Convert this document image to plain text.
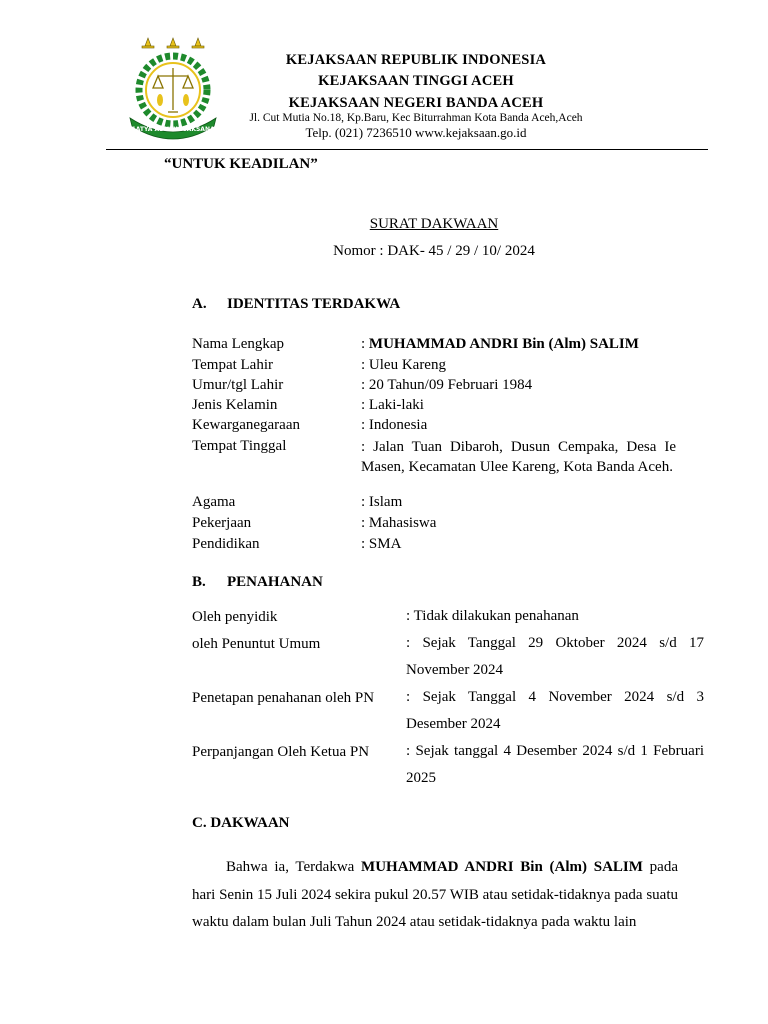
SATYA ADHI WICAKSANA
KEJAKSAAN REPUBLIK INDONESIA
KEJAKSAAN TINGGI ACEH
KEJAKSAAN NEGERI BANDA ACEH
Jl. Cut Mutia No.18, Kp.Baru, Kec Biturrahman Kota Banda Aceh,Aceh
Telp. (021) 7236510 www.kejaksaan.go.id
“UNTUK KEADILAN”
SURAT DAKWAAN
Nomor : DAK- 45 / 29 / 10/ 2024
A. IDENTITAS TERDAKWA
Nama Lengkap	: MUHAMMAD ANDRI Bin (Alm) SALIM
Tempat Lahir	: Uleu Kareng
Umur/tgl Lahir	: 20 Tahun/09 Februari 1984
Jenis Kelamin	: Laki-laki
Kewarganegaraan	: Indonesia
Tempat Tinggal	: Jalan Tuan Dibaroh, Dusun Cempaka, Desa Ie Masen, Kecamatan Ulee Kareng, Kota Banda Aceh.
Agama	: Islam
Pekerjaan	: Mahasiswa
Pendidikan	: SMA
B. PENAHANAN
Oleh penyidik	: Tidak dilakukan penahanan
oleh Penuntut Umum	: Sejak Tanggal 29 Oktober 2024 s/d 17 November 2024
Penetapan penahanan oleh PN : Sejak Tanggal 4 November 2024 s/d 3 Desember 2024
Perpanjangan Oleh Ketua PN : Sejak tanggal 4 Desember 2024 s/d 1 Februari 2025
C. DAKWAAN
Bahwa ia, Terdakwa MUHAMMAD ANDRI Bin (Alm) SALIM pada hari Senin 15 Juli 2024 sekira pukul 20.57 WIB atau setidak-tidaknya pada suatu waktu dalam bulan Juli Tahun 2024 atau setidak-tidaknya pada waktu lain
